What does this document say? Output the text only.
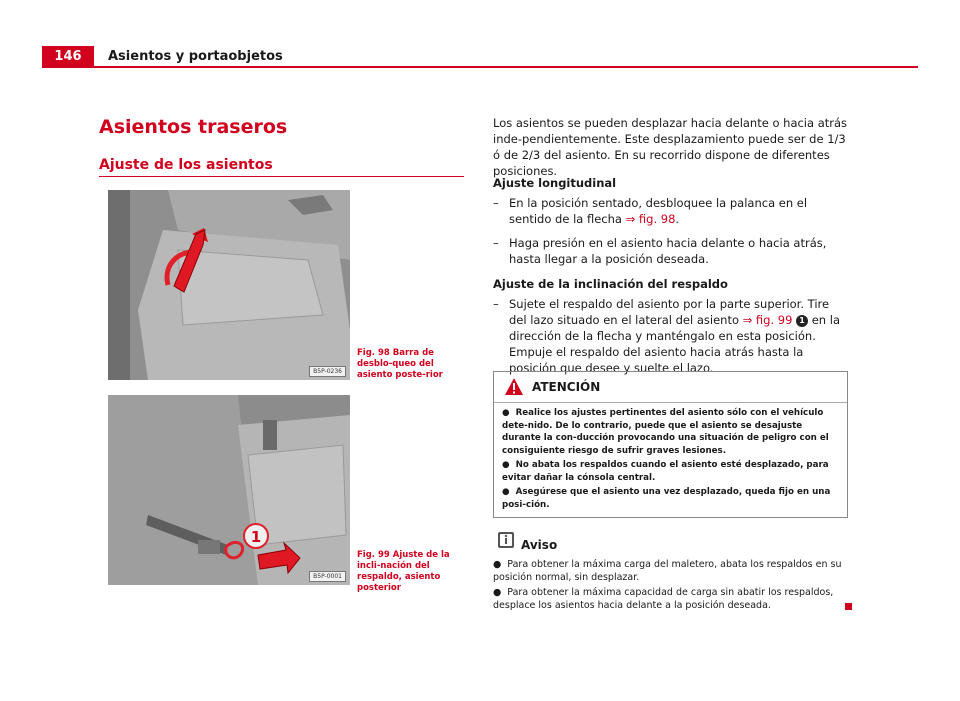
146	Asientos y portaobjetos
Asientos traseros
Ajuste de los asientos
B5P-0236
Fig. 98 Barra de desblo-queo del asiento poste-rior
1
B5P-0001
Fig. 99 Ajuste de la incli-nación del respaldo, asiento posterior
Los asientos se pueden desplazar hacia delante o hacia atrás inde-pendientemente. Este desplazamiento puede ser de 1/3 ó de 2/3 del asiento. En su recorrido dispone de diferentes posiciones.
Ajuste longitudinal
– En la posición sentado, desbloquee la palanca en el sentido de la flecha ⇒ fig. 98.
– Haga presión en el asiento hacia delante o hacia atrás, hasta llegar a la posición deseada.
Ajuste de la inclinación del respaldo
– Sujete el respaldo del asiento por la parte superior. Tire del lazo situado en el lateral del asiento ⇒ fig. 99 1 en la dirección de la flecha y manténgalo en esta posición. Empuje el respaldo del asiento hacia atrás hasta la posición que desee y suelte el lazo.
ATENCIÓN

● Realice los ajustes pertinentes del asiento sólo con el vehículo dete-nido. De lo contrario, puede que el asiento se desajuste durante la con-ducción provocando una situación de peligro con el consiguiente riesgo de sufrir graves lesiones.

● No abata los respaldos cuando el asiento esté desplazado, para evitar dañar la cónsola central.

● Asegúrese que el asiento una vez desplazado, queda fijo en una posi-ción.

Aviso

● Para obtener la máxima carga del maletero, abata los respaldos en su posición normal, sin desplazar.

● Para obtener la máxima capacidad de carga sin abatir los respaldos, desplace los asientos hacia delante a la posición deseada.
